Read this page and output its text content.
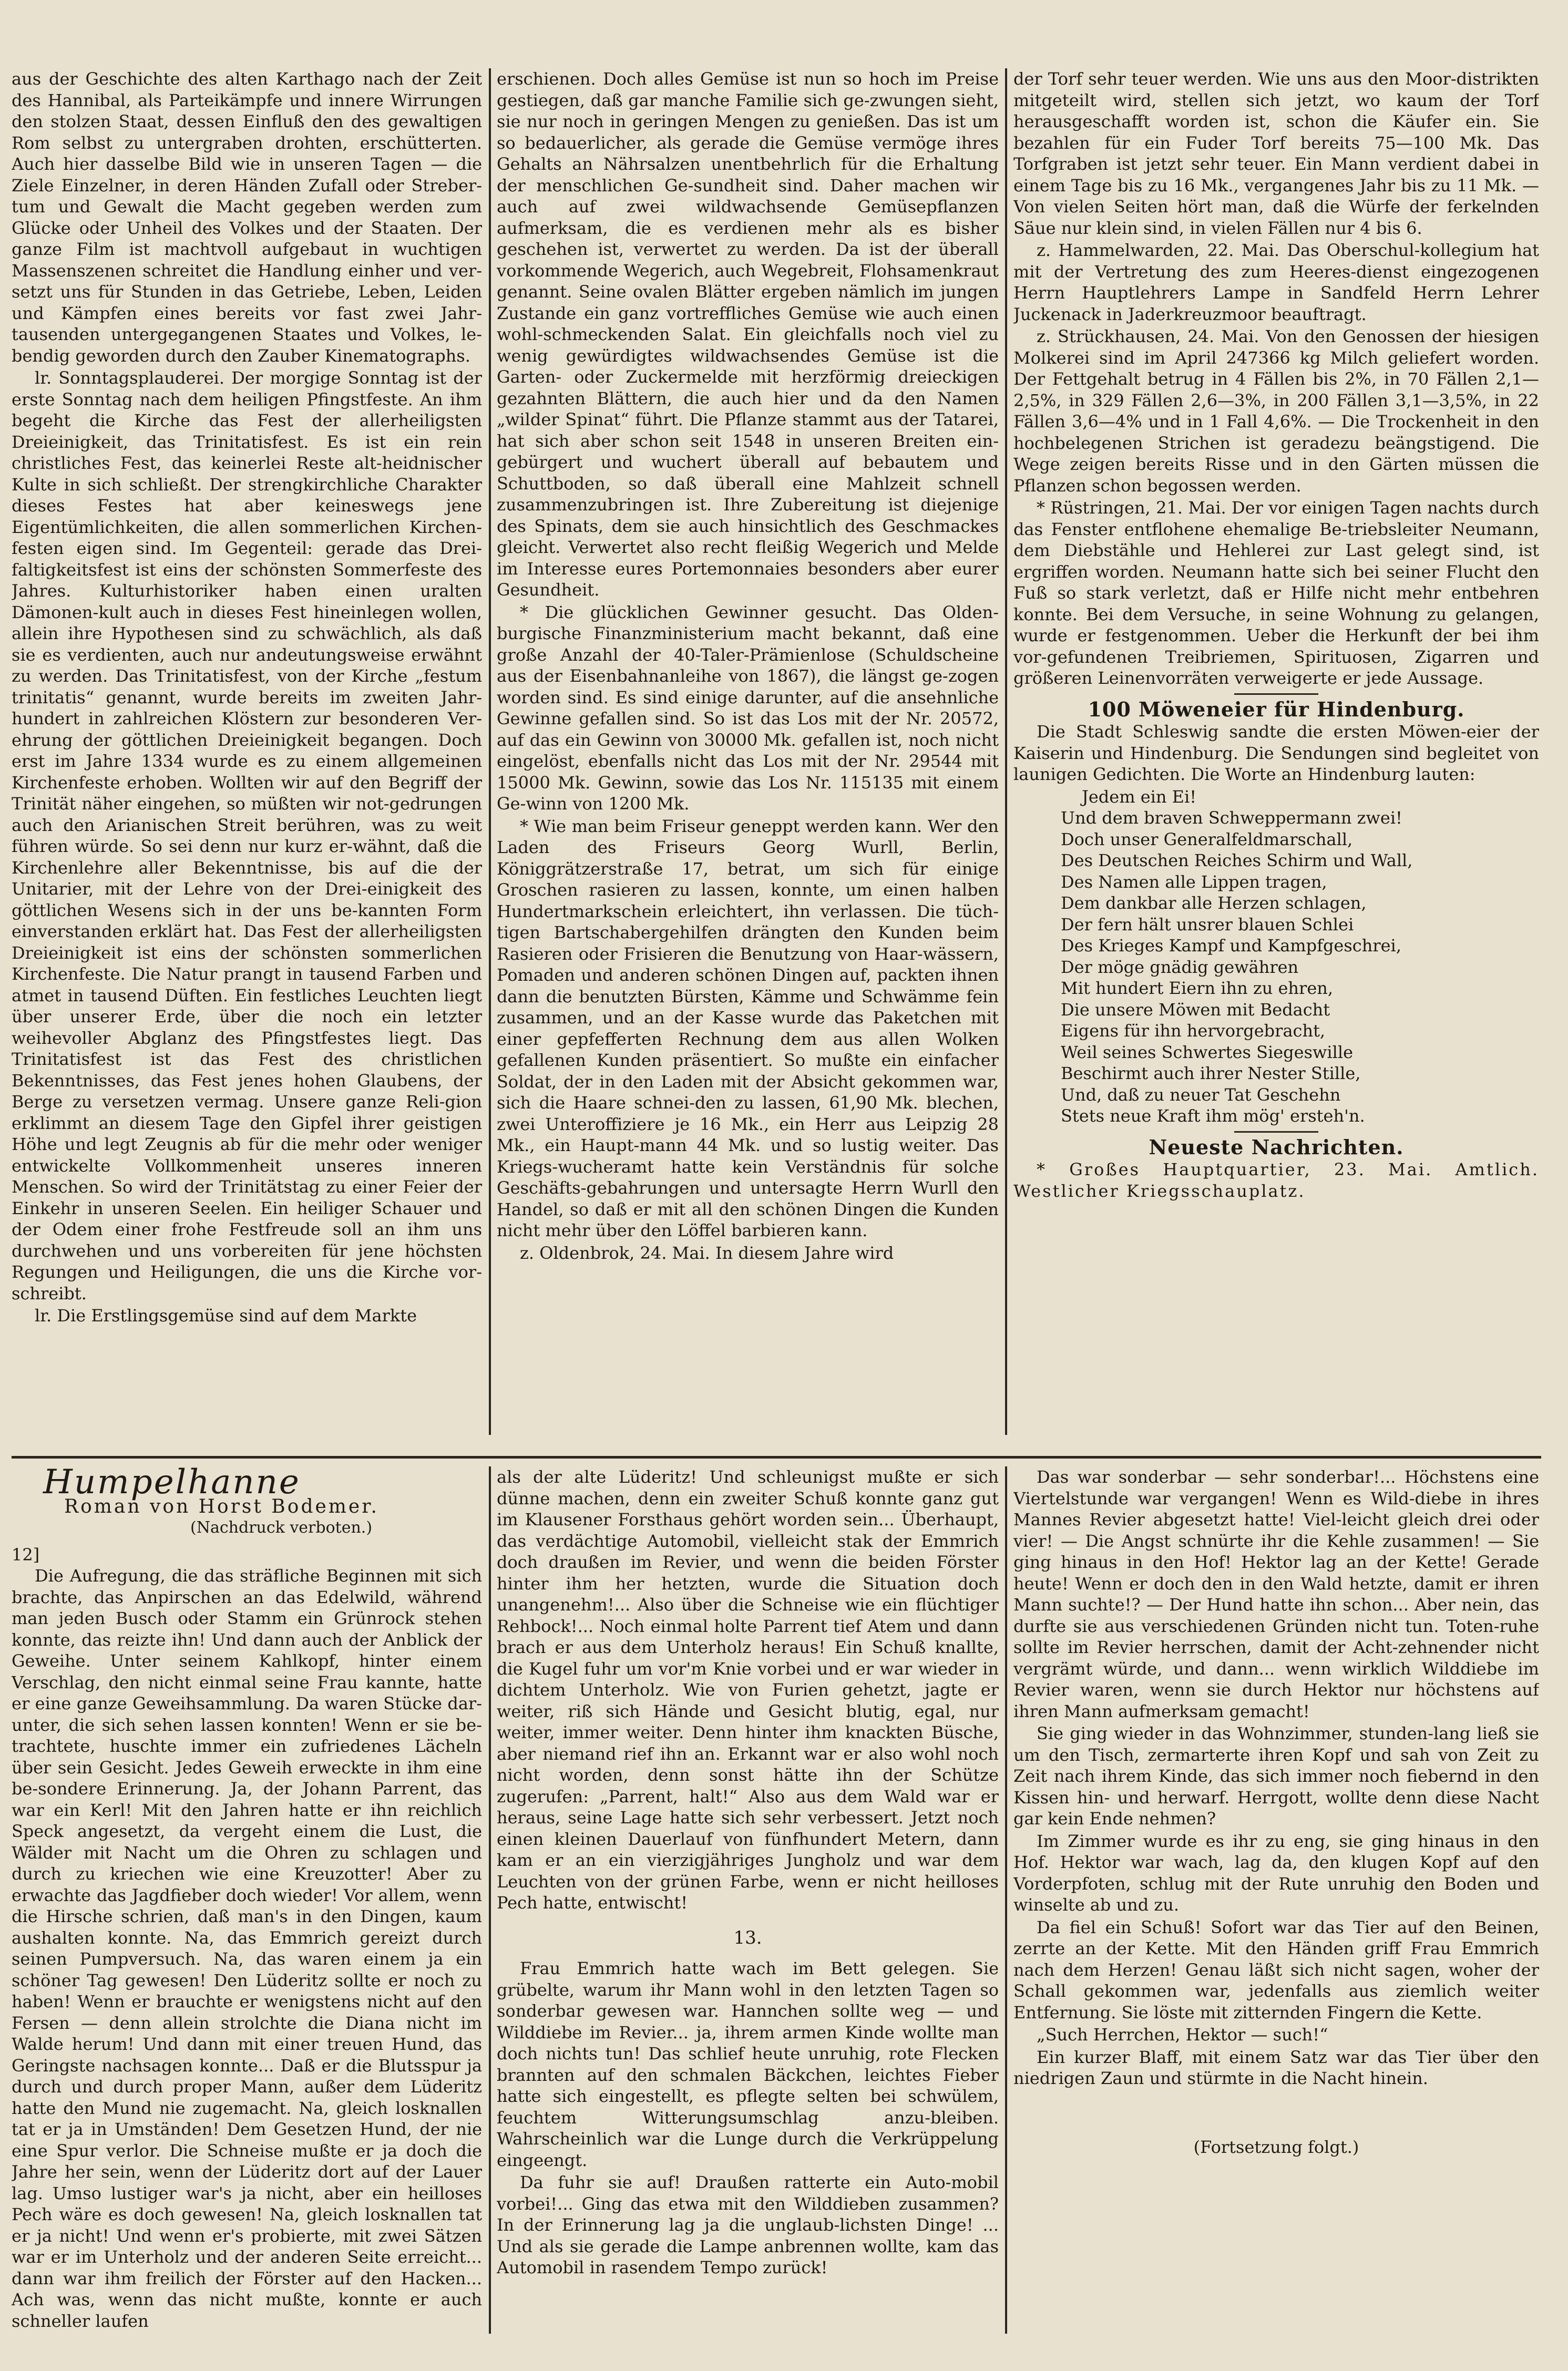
aus der Geschichte des alten Karthago nach der Zeit des Hannibal, als Parteikämpfe und innere Wirrungen den stolzen Staat, dessen Einfluß den des gewaltigen Rom selbst zu untergraben drohten, erschütterten. Auch hier dasselbe Bild wie in unseren Tagen — die Ziele Einzelner, in deren Händen Zufall oder Streber-tum und Gewalt die Macht gegeben werden zum Glücke oder Unheil des Volkes und der Staaten. Der ganze Film ist machtvoll aufgebaut in wuchtigen Massenszenen schreitet die Handlung einher und ver-setzt uns für Stunden in das Getriebe, Leben, Leiden und Kämpfen eines bereits vor fast zwei Jahr-tausenden untergegangenen Staates und Volkes, le-bendig geworden durch den Zauber Kinematographs.

lr. Sonntagsplauderei. Der morgige Sonntag ist der erste Sonntag nach dem heiligen Pfingstfeste. An ihm begeht die Kirche das Fest der allerheiligsten Dreieinigkeit, das Trinitatisfest. Es ist ein rein christliches Fest, das keinerlei Reste alt-heidnischer Kulte in sich schließt. Der strengkirchliche Charakter dieses Festes hat aber keineswegs jene Eigentümlichkeiten, die allen sommerlichen Kirchen-festen eigen sind. Im Gegenteil: gerade das Drei-faltigkeitsfest ist eins der schönsten Sommerfeste des Jahres. Kulturhistoriker haben einen uralten Dämonen-kult auch in dieses Fest hineinlegen wollen, allein ihre Hypothesen sind zu schwächlich, als daß sie es verdienten, auch nur andeutungsweise erwähnt zu werden. Das Trinitatisfest, von der Kirche „festum trinitatis“ genannt, wurde bereits im zweiten Jahr-hundert in zahlreichen Klöstern zur besonderen Ver-ehrung der göttlichen Dreieinigkeit begangen. Doch erst im Jahre 1334 wurde es zu einem allgemeinen Kirchenfeste erhoben. Wollten wir auf den Begriff der Trinität näher eingehen, so müßten wir not-gedrungen auch den Arianischen Streit berühren, was zu weit führen würde. So sei denn nur kurz er-wähnt, daß die Kirchenlehre aller Bekenntnisse, bis auf die der Unitarier, mit der Lehre von der Drei-einigkeit des göttlichen Wesens sich in der uns be-kannten Form einverstanden erklärt hat. Das Fest der allerheiligsten Dreieinigkeit ist eins der schönsten sommerlichen Kirchenfeste. Die Natur prangt in tausend Farben und atmet in tausend Düften. Ein festliches Leuchten liegt über unserer Erde, über die noch ein letzter weihevoller Abglanz des Pfingstfestes liegt. Das Trinitatisfest ist das Fest des christlichen Bekenntnisses, das Fest jenes hohen Glaubens, der Berge zu versetzen vermag. Unsere ganze Reli-gion erklimmt an diesem Tage den Gipfel ihrer geistigen Höhe und legt Zeugnis ab für die mehr oder weniger entwickelte Vollkommenheit unseres inneren Menschen. So wird der Trinitätstag zu einer Feier der Einkehr in unseren Seelen. Ein heiliger Schauer und der Odem einer frohe Festfreude soll an ihm uns durchwehen und uns vorbereiten für jene höchsten Regungen und Heiligungen, die uns die Kirche vor-schreibt.

lr. Die Erstlingsgemüse sind auf dem Markte

erschienen. Doch alles Gemüse ist nun so hoch im Preise gestiegen, daß gar manche Familie sich ge-zwungen sieht, sie nur noch in geringen Mengen zu genießen. Das ist um so bedauerlicher, als gerade die Gemüse vermöge ihres Gehalts an Nährsalzen unentbehrlich für die Erhaltung der menschlichen Ge-sundheit sind. Daher machen wir auch auf zwei wildwachsende Gemüsepflanzen aufmerksam, die es verdienen mehr als es bisher geschehen ist, verwertet zu werden. Da ist der überall vorkommende Wegerich, auch Wegebreit, Flohsamenkraut genannt. Seine ovalen Blätter ergeben nämlich im jungen Zustande ein ganz vortreffliches Gemüse wie auch einen wohl-schmeckenden Salat. Ein gleichfalls noch viel zu wenig gewürdigtes wildwachsendes Gemüse ist die Garten- oder Zuckermelde mit herzförmig dreieckigen gezahnten Blättern, die auch hier und da den Namen „wilder Spinat“ führt. Die Pflanze stammt aus der Tatarei, hat sich aber schon seit 1548 in unseren Breiten ein-gebürgert und wuchert überall auf bebautem und Schuttboden, so daß überall eine Mahlzeit schnell zusammenzubringen ist. Ihre Zubereitung ist diejenige des Spinats, dem sie auch hinsichtlich des Geschmackes gleicht. Verwertet also recht fleißig Wegerich und Melde im Interesse eures Portemonnaies besonders aber eurer Gesundheit.

* Die glücklichen Gewinner gesucht. Das Olden-burgische Finanzministerium macht bekannt, daß eine große Anzahl der 40-Taler-Prämienlose (Schuldscheine aus der Eisenbahnanleihe von 1867), die längst ge-zogen worden sind. Es sind einige darunter, auf die ansehnliche Gewinne gefallen sind. So ist das Los mit der Nr. 20572, auf das ein Gewinn von 30000 Mk. gefallen ist, noch nicht eingelöst, ebenfalls nicht das Los mit der Nr. 29544 mit 15000 Mk. Gewinn, sowie das Los Nr. 115135 mit einem Ge-winn von 1200 Mk.

* Wie man beim Friseur geneppt werden kann. Wer den Laden des Friseurs Georg Wurll, Berlin, Königgrätzerstraße 17, betrat, um sich für einige Groschen rasieren zu lassen, konnte, um einen halben Hundertmarkschein erleichtert, ihn verlassen. Die tüch-tigen Bartschabergehilfen drängten den Kunden beim Rasieren oder Frisieren die Benutzung von Haar-wässern, Pomaden und anderen schönen Dingen auf, packten ihnen dann die benutzten Bürsten, Kämme und Schwämme fein zusammen, und an der Kasse wurde das Paketchen mit einer gepfefferten Rechnung dem aus allen Wolken gefallenen Kunden präsentiert. So mußte ein einfacher Soldat, der in den Laden mit der Absicht gekommen war, sich die Haare schnei-den zu lassen, 61,90 Mk. blechen, zwei Unteroffiziere je 16 Mk., ein Herr aus Leipzig 28 Mk., ein Haupt-mann 44 Mk. und so lustig weiter. Das Kriegs-wucheramt hatte kein Verständnis für solche Geschäfts-gebahrungen und untersagte Herrn Wurll den Handel, so daß er mit all den schönen Dingen die Kunden nicht mehr über den Löffel barbieren kann.

z. Oldenbrok, 24. Mai. In diesem Jahre wird

der Torf sehr teuer werden. Wie uns aus den Moor-distrikten mitgeteilt wird, stellen sich jetzt, wo kaum der Torf herausgeschafft worden ist, schon die Käufer ein. Sie bezahlen für ein Fuder Torf bereits 75—100 Mk. Das Torfgraben ist jetzt sehr teuer. Ein Mann verdient dabei in einem Tage bis zu 16 Mk., vergangenes Jahr bis zu 11 Mk. — Von vielen Seiten hört man, daß die Würfe der ferkelnden Säue nur klein sind, in vielen Fällen nur 4 bis 6.

z. Hammelwarden, 22. Mai. Das Oberschul-kollegium hat mit der Vertretung des zum Heeres-dienst eingezogenen Herrn Hauptlehrers Lampe in Sandfeld Herrn Lehrer Juckenack in Jaderkreuzmoor beauftragt.

z. Strückhausen, 24. Mai. Von den Genossen der hiesigen Molkerei sind im April 247366 kg Milch geliefert worden. Der Fettgehalt betrug in 4 Fällen bis 2%, in 70 Fällen 2,1—2,5%, in 329 Fällen 2,6—3%, in 200 Fällen 3,1—3,5%, in 22 Fällen 3,6—4% und in 1 Fall 4,6%. — Die Trockenheit in den hochbelegenen Strichen ist geradezu beängstigend. Die Wege zeigen bereits Risse und in den Gärten müssen die Pflanzen schon begossen werden.

* Rüstringen, 21. Mai. Der vor einigen Tagen nachts durch das Fenster entflohene ehemalige Be-triebsleiter Neumann, dem Diebstähle und Hehlerei zur Last gelegt sind, ist ergriffen worden. Neumann hatte sich bei seiner Flucht den Fuß so stark verletzt, daß er Hilfe nicht mehr entbehren konnte. Bei dem Versuche, in seine Wohnung zu gelangen, wurde er festgenommen. Ueber die Herkunft der bei ihm vor-gefundenen Treibriemen, Spirituosen, Zigarren und größeren Leinenvorräten verweigerte er jede Aussage.

100 Möweneier für Hindenburg.

Die Stadt Schleswig sandte die ersten Möwen-eier der Kaiserin und Hindenburg. Die Sendungen sind begleitet von launigen Gedichten. Die Worte an Hindenburg lauten:

Jedem ein Ei!

Und dem braven Schweppermann zwei!

Doch unser Generalfeldmarschall,

Des Deutschen Reiches Schirm und Wall,

Des Namen alle Lippen tragen,

Dem dankbar alle Herzen schlagen,

Der fern hält unsrer blauen Schlei

Des Krieges Kampf und Kampfgeschrei,

Der möge gnädig gewähren

Mit hundert Eiern ihn zu ehren,

Die unsere Möwen mit Bedacht

Eigens für ihn hervorgebracht,

Weil seines Schwertes Siegeswille

Beschirmt auch ihrer Nester Stille,

Und, daß zu neuer Tat Geschehn

Stets neue Kraft ihm mög' ersteh'n.

Neueste Nachrichten.

* Großes Hauptquartier, 23. Mai. Amtlich. Westlicher Kriegsschauplatz.

Humpelhanne
Roman von Horst Bodemer.
(Nachdruck verboten.)
12]

Die Aufregung, die das sträfliche Beginnen mit sich brachte, das Anpirschen an das Edelwild, während man jeden Busch oder Stamm ein Grünrock stehen konnte, das reizte ihn! Und dann auch der Anblick der Geweihe. Unter seinem Kahlkopf, hinter einem Verschlag, den nicht einmal seine Frau kannte, hatte er eine ganze Geweihsammlung. Da waren Stücke dar-unter, die sich sehen lassen konnten! Wenn er sie be-trachtete, huschte immer ein zufriedenes Lächeln über sein Gesicht. Jedes Geweih erweckte in ihm eine be-sondere Erinnerung. Ja, der Johann Parrent, das war ein Kerl! Mit den Jahren hatte er ihn reichlich Speck angesetzt, da vergeht einem die Lust, die Wälder mit Nacht um die Ohren zu schlagen und durch zu kriechen wie eine Kreuzotter! Aber zu erwachte das Jagdfieber doch wieder! Vor allem, wenn die Hirsche schrien, daß man's in den Dingen, kaum aushalten konnte. Na, das Emmrich gereizt durch seinen Pumpversuch. Na, das waren einem ja ein schöner Tag gewesen! Den Lüderitz sollte er noch zu haben! Wenn er brauchte er wenigstens nicht auf den Fersen — denn allein strolchte die Diana nicht im Walde herum! Und dann mit einer treuen Hund, das Geringste nachsagen konnte... Daß er die Blutsspur ja durch und durch proper Mann, außer dem Lüderitz hatte den Mund nie zugemacht. Na, gleich losknallen tat er ja in Umständen! Dem Gesetzen Hund, der nie eine Spur verlor. Die Schneise mußte er ja doch die Jahre her sein, wenn der Lüderitz dort auf der Lauer lag. Umso lustiger war's ja nicht, aber ein heilloses Pech wäre es doch gewesen! Na, gleich losknallen tat er ja nicht! Und wenn er's probierte, mit zwei Sätzen war er im Unterholz und der anderen Seite erreicht... dann war ihm freilich der Förster auf den Hacken... Ach was, wenn das nicht mußte, konnte er auch schneller laufen

als der alte Lüderitz! Und schleunigst mußte er sich dünne machen, denn ein zweiter Schuß konnte ganz gut im Klausener Forsthaus gehört worden sein... Überhaupt, das verdächtige Automobil, vielleicht stak der Emmrich doch draußen im Revier, und wenn die beiden Förster hinter ihm her hetzten, wurde die Situation doch unangenehm!... Also über die Schneise wie ein flüchtiger Rehbock!... Noch einmal holte Parrent tief Atem und dann brach er aus dem Unterholz heraus! Ein Schuß knallte, die Kugel fuhr um vor'm Knie vorbei und er war wieder in dichtem Unterholz. Wie von Furien gehetzt, jagte er weiter, riß sich Hände und Gesicht blutig, egal, nur weiter, immer weiter. Denn hinter ihm knackten Büsche, aber niemand rief ihn an. Erkannt war er also wohl noch nicht worden, denn sonst hätte ihn der Schütze zugerufen: „Parrent, halt!“ Also aus dem Wald war er heraus, seine Lage hatte sich sehr verbessert. Jetzt noch einen kleinen Dauerlauf von fünfhundert Metern, dann kam er an ein vierzigjähriges Jungholz und war dem Leuchten von der grünen Farbe, wenn er nicht heilloses Pech hatte, entwischt!

13.

Frau Emmrich hatte wach im Bett gelegen. Sie grübelte, warum ihr Mann wohl in den letzten Tagen so sonderbar gewesen war. Hannchen sollte weg — und Wilddiebe im Revier... ja, ihrem armen Kinde wollte man doch nichts tun! Das schlief heute unruhig, rote Flecken brannten auf den schmalen Bäckchen, leichtes Fieber hatte sich eingestellt, es pflegte selten bei schwülem, feuchtem Witterungsumschlag anzu-bleiben. Wahrscheinlich war die Lunge durch die Verkrüppelung eingeengt.

Da fuhr sie auf! Draußen ratterte ein Auto-mobil vorbei!... Ging das etwa mit den Wilddieben zusammen? In der Erinnerung lag ja die unglaub-lichsten Dinge! ... Und als sie gerade die Lampe anbrennen wollte, kam das Automobil in rasendem Tempo zurück!

Das war sonderbar — sehr sonderbar!... Höchstens eine Viertelstunde war vergangen! Wenn es Wild-diebe in ihres Mannes Revier abgesetzt hatte! Viel-leicht gleich drei oder vier! — Die Angst schnürte ihr die Kehle zusammen! — Sie ging hinaus in den Hof! Hektor lag an der Kette! Gerade heute! Wenn er doch den in den Wald hetzte, damit er ihren Mann suchte!? — Der Hund hatte ihn schon... Aber nein, das durfte sie aus verschiedenen Gründen nicht tun. Toten-ruhe sollte im Revier herrschen, damit der Acht-zehnender nicht vergrämt würde, und dann... wenn wirklich Wilddiebe im Revier waren, wenn sie durch Hektor nur höchstens auf ihren Mann aufmerksam gemacht!

Sie ging wieder in das Wohnzimmer, stunden-lang ließ sie um den Tisch, zermarterte ihren Kopf und sah von Zeit zu Zeit nach ihrem Kinde, das sich immer noch fiebernd in den Kissen hin- und herwarf. Herrgott, wollte denn diese Nacht gar kein Ende nehmen?

Im Zimmer wurde es ihr zu eng, sie ging hinaus in den Hof. Hektor war wach, lag da, den klugen Kopf auf den Vorderpfoten, schlug mit der Rute unruhig den Boden und winselte ab und zu.

Da fiel ein Schuß! Sofort war das Tier auf den Beinen, zerrte an der Kette. Mit den Händen griff Frau Emmrich nach dem Herzen! Genau läßt sich nicht sagen, woher der Schall gekommen war, jedenfalls aus ziemlich weiter Entfernung. Sie löste mit zitternden Fingern die Kette.

„Such Herrchen, Hektor — such!“

Ein kurzer Blaff, mit einem Satz war das Tier über den niedrigen Zaun und stürmte in die Nacht hinein.

(Fortsetzung folgt.)
